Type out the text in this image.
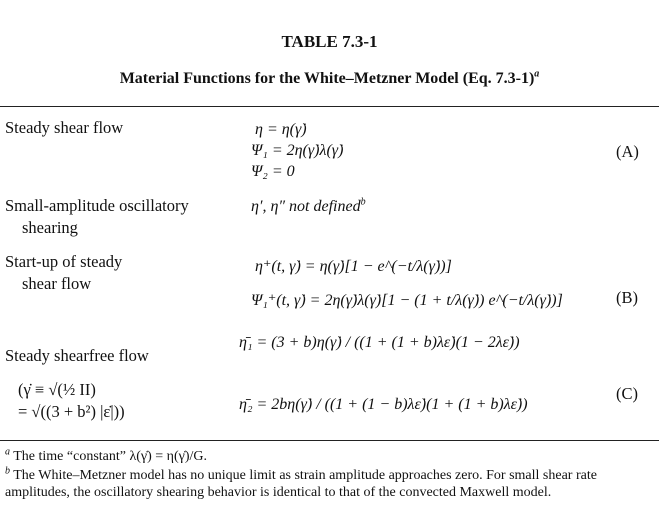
TABLE 7.3-1
Material Functions for the White–Metzner Model (Eq. 7.3-1)$^a$
Steady shear flow	η = η(γ̇)
Ψ₁ = 2η(γ̇)λ(γ̇)
Ψ₂ = 0
(A)
Small-amplitude oscillatory
shearing
η′, η″ not defined$^b$
Start-up of steady
shear flow
η⁺(t, γ̇) = η(γ̇)[1 − e^(−t/λ(γ̇))]
Ψ₁⁺(t, γ̇) = 2η(γ̇)λ(γ̇)[1 − (1 + t/λ(γ̇)) e^(−t/λ(γ̇))]	(B)
Steady shearfree flow
(γ̇ ≡ √(½ II)
= √((3 + b²) |ε̇|))
η̄₁ = (3 + b)η(γ̇) / ((1 + (1 + b)λε̇)(1 − 2λε̇))
η̄₂ = 2bη(γ̇) / ((1 + (1 − b)λε̇)(1 + (1 + b)λε̇))
(C)
$^a$ The time “constant” λ(γ̇) = η(γ̇)/G.
$^b$ The White–Metzner model has no unique limit as strain amplitude approaches zero. For small shear rate amplitudes, the oscillatory shearing behavior is identical to that of the convected Maxwell model.
